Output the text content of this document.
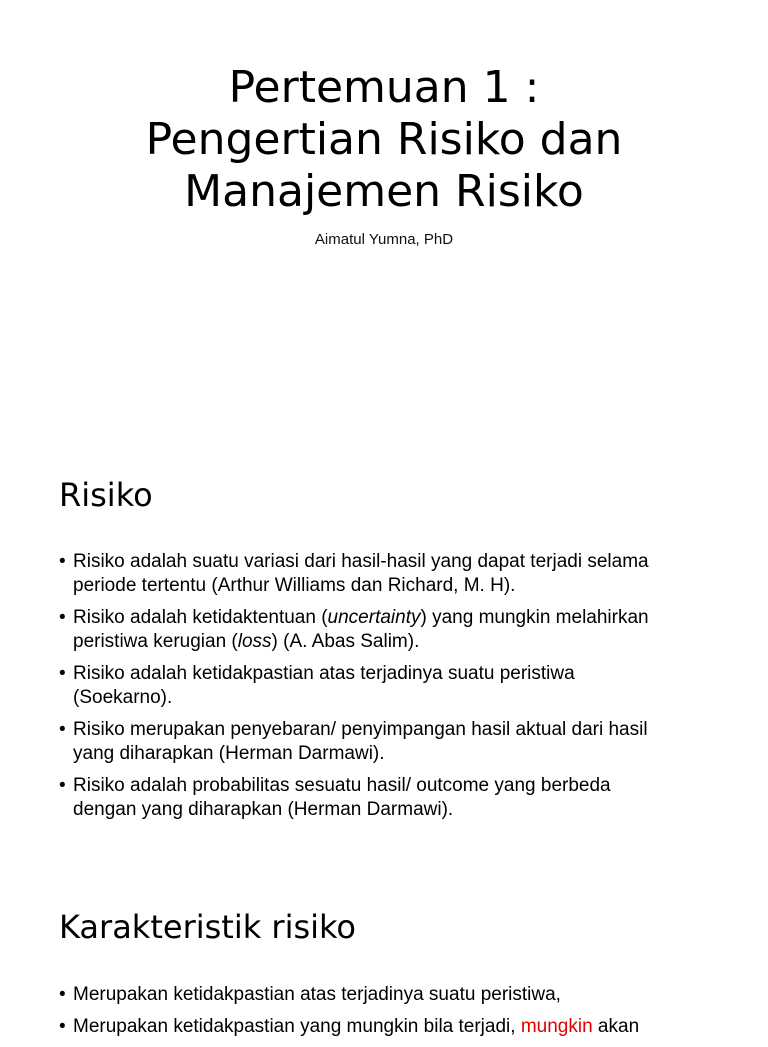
Pertemuan 1 :
Pengertian Risiko dan
Manajemen Risiko
Aimatul Yumna, PhD
Risiko
• Risiko adalah suatu variasi dari hasil-hasil yang dapat terjadi selama
periode tertentu (Arthur Williams dan Richard, M. H).
• Risiko adalah ketidaktentuan (uncertainty) yang mungkin melahirkan
peristiwa kerugian (loss) (A. Abas Salim).
• Risiko adalah ketidakpastian atas terjadinya suatu peristiwa
(Soekarno).
• Risiko merupakan penyebaran/ penyimpangan hasil aktual dari hasil
yang diharapkan (Herman Darmawi).
• Risiko adalah probabilitas sesuatu hasil/ outcome yang berbeda
dengan yang diharapkan (Herman Darmawi).
Karakteristik risiko
• Merupakan ketidakpastian atas terjadinya suatu peristiwa,
• Merupakan ketidakpastian yang mungkin bila terjadi, mungkin akan
